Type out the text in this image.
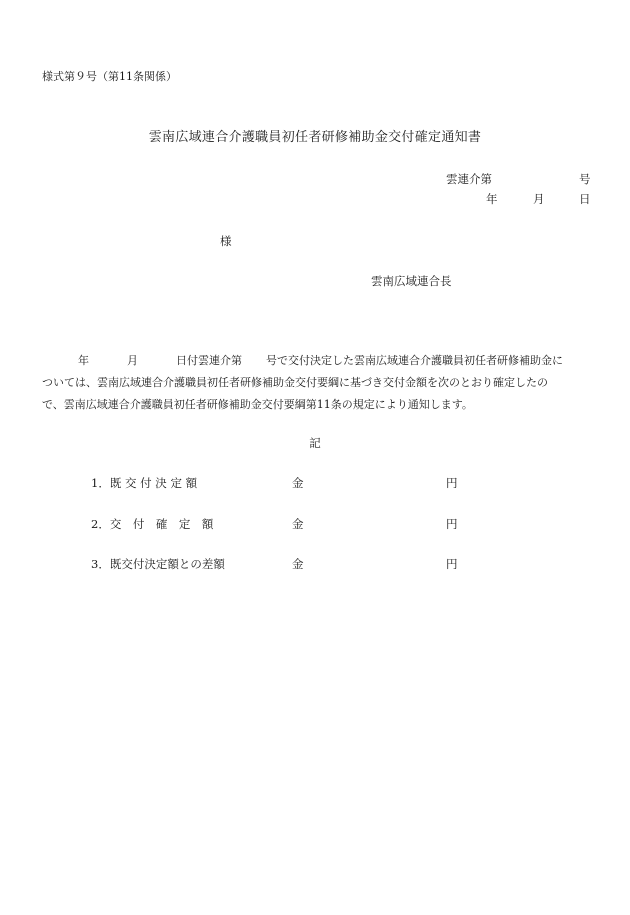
様式第９号（第11条関係）
雲南広域連合介護職員初任者研修補助金交付確定通知書
雲連介第	号
年	月	日
様
雲南広域連合長
年	月	日付雲連介第 号で交付決定した雲南広域連合介護職員初任者研修補助金に
ついては、雲南広域連合介護職員初任者研修補助金交付要綱に基づき交付金額を次のとおり確定したの
で、雲南広域連合介護職員初任者研修補助金交付要綱第11条の規定により通知します。
記
1．既 交 付 決 定 額	金	円
2．交　付　確　定　額	金	円
3．既交付決定額との差額	金	円
